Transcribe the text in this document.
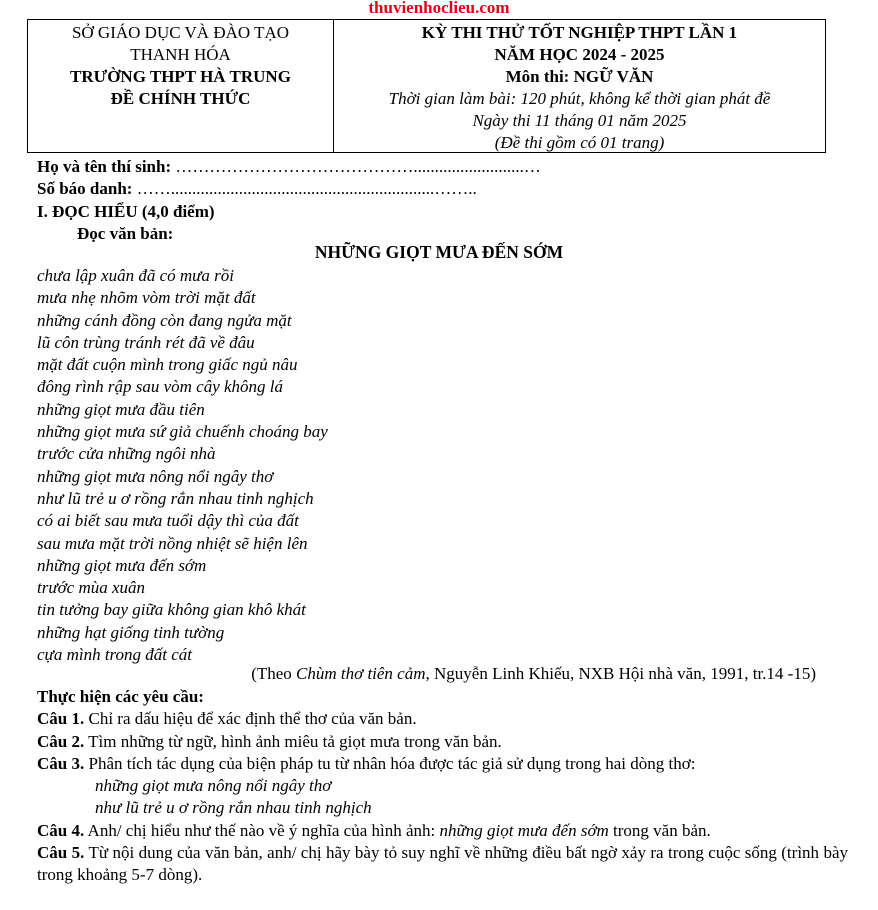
thuvienhoclieu.com
SỞ GIÁO DỤC VÀ ĐÀO TẠO
THANH HÓA
TRƯỜNG THPT HÀ TRUNG
ĐỀ CHÍNH THỨC
KỲ THI THỬ TỐT NGHIỆP THPT LẦN 1
NĂM HỌC 2024 - 2025
Môn thi: NGỮ VĂN
Thời gian làm bài: 120 phút, không kể thời gian phát đề
Ngày thi 11 tháng 01 năm 2025
(Đề thi gồm có 01 trang)
Họ và tên thí sinh: ……………………………………..........................…
Số báo danh: ……..............................................................……..
I. ĐỌC HIỂU (4,0 điểm)
Đọc văn bản:
NHỮNG GIỌT MƯA ĐẾN SỚM
chưa lập xuân đã có mưa rồi
mưa nhẹ nhõm vòm trời mặt đất
những cánh đồng còn đang ngửa mặt
lũ côn trùng tránh rét đã về đâu
mặt đất cuộn mình trong giấc ngủ nâu
đông rình rập sau vòm cây không lá
những giọt mưa đầu tiên
những giọt mưa sứ giả chuếnh choáng bay
trước cửa những ngôi nhà
những giọt mưa nông nổi ngây thơ
như lũ trẻ u ơ rồng rắn nhau tinh nghịch
có ai biết sau mưa tuổi dậy thì của đất
sau mưa mặt trời nồng nhiệt sẽ hiện lên
những giọt mưa đến sớm
trước mùa xuân
tin tưởng bay giữa không gian khô khát
những hạt giống tinh tường
cựa mình trong đất cát
(Theo Chùm thơ tiên cảm, Nguyễn Linh Khiếu, NXB Hội nhà văn, 1991, tr.14 -15)
Thực hiện các yêu cầu:
Câu 1. Chỉ ra dấu hiệu để xác định thể thơ của văn bản.
Câu 2. Tìm những từ ngữ, hình ảnh miêu tả giọt mưa trong văn bản.
Câu 3. Phân tích tác dụng của biện pháp tu từ nhân hóa được tác giả sử dụng trong hai dòng thơ:
những giọt mưa nông nổi ngây thơ
như lũ trẻ u ơ rồng rắn nhau tinh nghịch
Câu 4. Anh/ chị hiểu như thế nào về ý nghĩa của hình ảnh: những giọt mưa đến sớm trong văn bản.
Câu 5. Từ nội dung của văn bản, anh/ chị hãy bày tỏ suy nghĩ về những điều bất ngờ xảy ra trong cuộc sống (trình bày trong khoảng 5-7 dòng).
